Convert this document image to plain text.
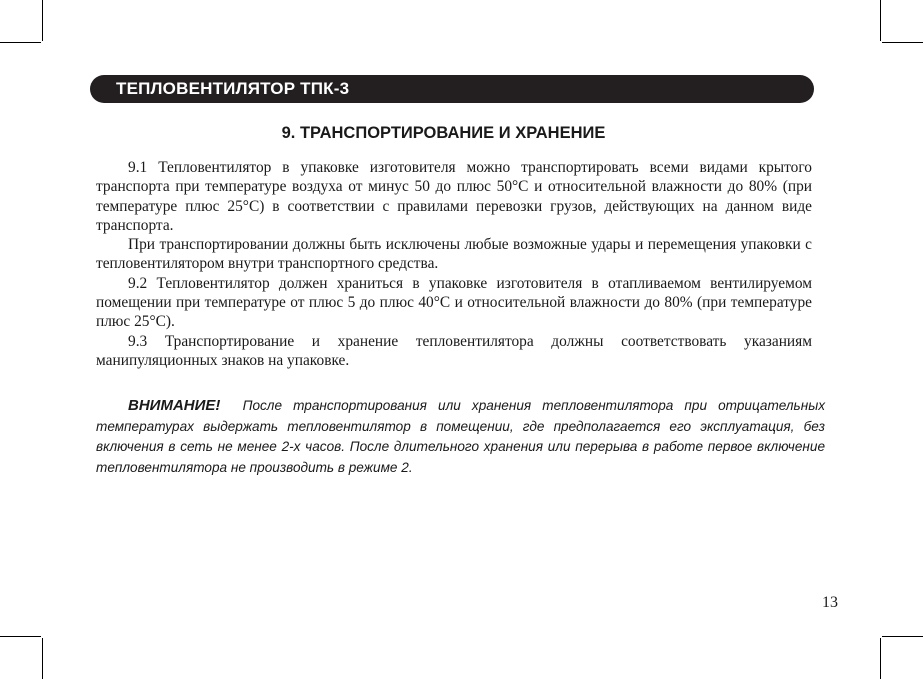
ТЕПЛОВЕНТИЛЯТОР ТПК-3
9. ТРАНСПОРТИРОВАНИЕ И ХРАНЕНИЕ

9.1 Тепловентилятор в упаковке изготовителя можно транспортировать всеми видами крытого транспорта при температуре воздуха от минус 50 до плюс 50°С и относительной влажности до 80% (при температуре плюс 25°С) в соответствии с правилами перевозки грузов, действующих на данном виде транспорта.

При транспортировании должны быть исключены любые возможные удары и перемещения упаковки с тепловентилятором внутри транспортного средства.

9.2 Тепловентилятор должен храниться в упаковке изготовителя в отапливаемом вентилируемом помещении при температуре от плюс 5 до плюс 40°С и относительной влажности до 80% (при температуре плюс 25°С).

9.3 Транспортирование и хранение тепловентилятора должны соответствовать указаниям манипуляционных знаков на упаковке.

ВНИМАНИЕ! После транспортирования или хранения тепловентилятора при отрицательных температурах выдержать тепловентилятор в помещении, где предполагается его эксплуатация, без включения в сеть не менее 2-х часов. После длительного хранения или перерыва в работе первое включение тепловентилятора не производить в режиме 2.
13
